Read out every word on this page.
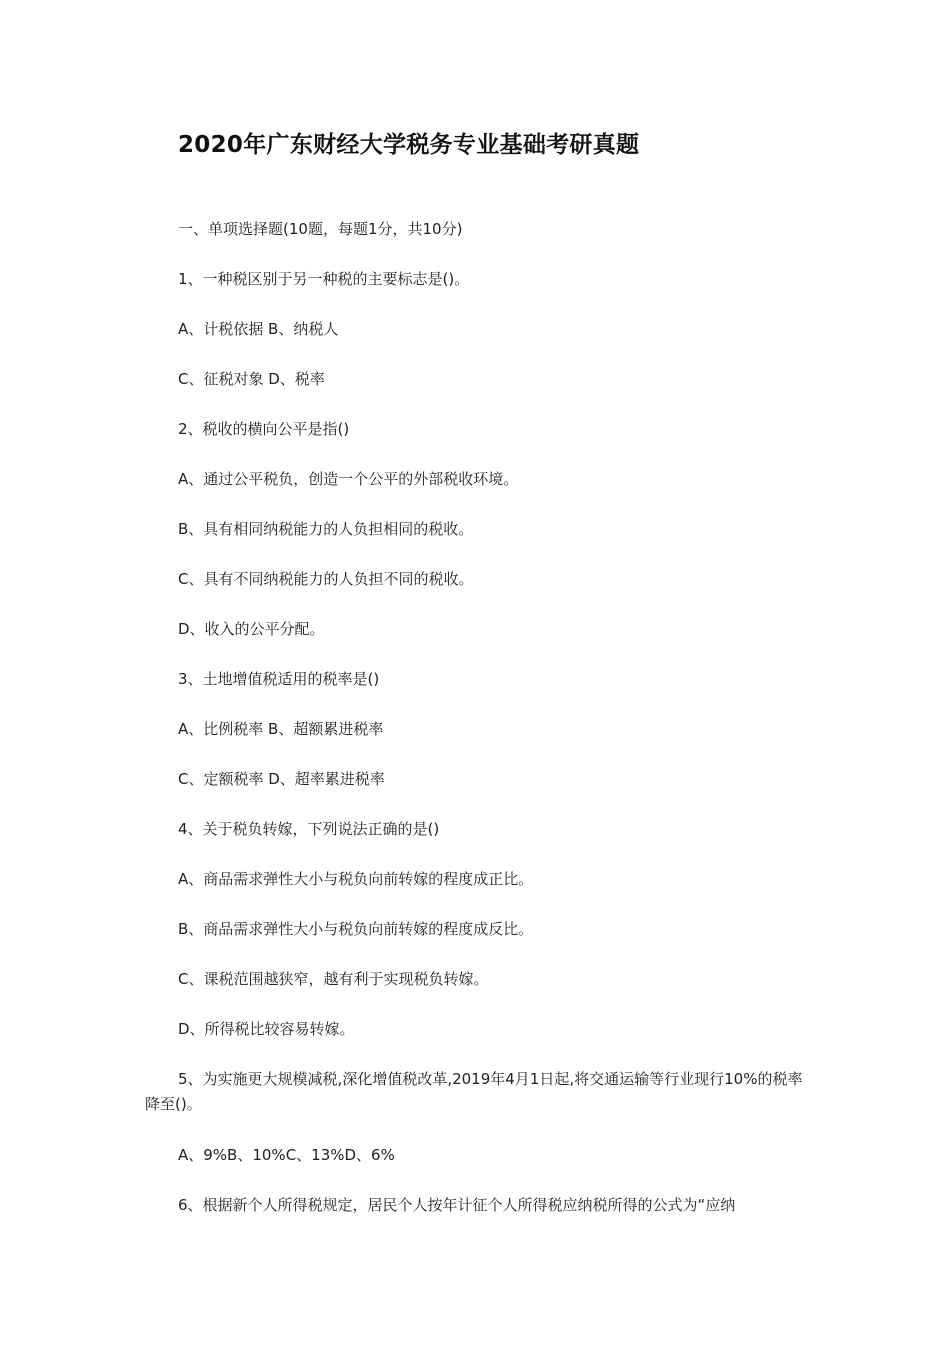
2020年广东财经大学税务专业基础考研真题
一、单项选择题(10题，每题1分，共10分)
1、一种税区别于另一种税的主要标志是()。
A、计税依据 B、纳税人
C、征税对象 D、税率
2、税收的横向公平是指()
A、通过公平税负，创造一个公平的外部税收环境。
B、具有相同纳税能力的人负担相同的税收。
C、具有不同纳税能力的人负担不同的税收。
D、收入的公平分配。
3、土地增值税适用的税率是()
A、比例税率 B、超额累进税率
C、定额税率 D、超率累进税率
4、关于税负转嫁，下列说法正确的是()
A、商品需求弹性大小与税负向前转嫁的程度成正比。
B、商品需求弹性大小与税负向前转嫁的程度成反比。
C、课税范围越狭窄，越有利于实现税负转嫁。
D、所得税比较容易转嫁。
5、为实施更大规模减税,深化增值税改革,2019年4月1日起,将交通运输等行业现行10%的税率降至()。
A、9%B、10%C、13%D、6%
6、根据新个人所得税规定，居民个人按年计征个人所得税应纳税所得的公式为“应纳
